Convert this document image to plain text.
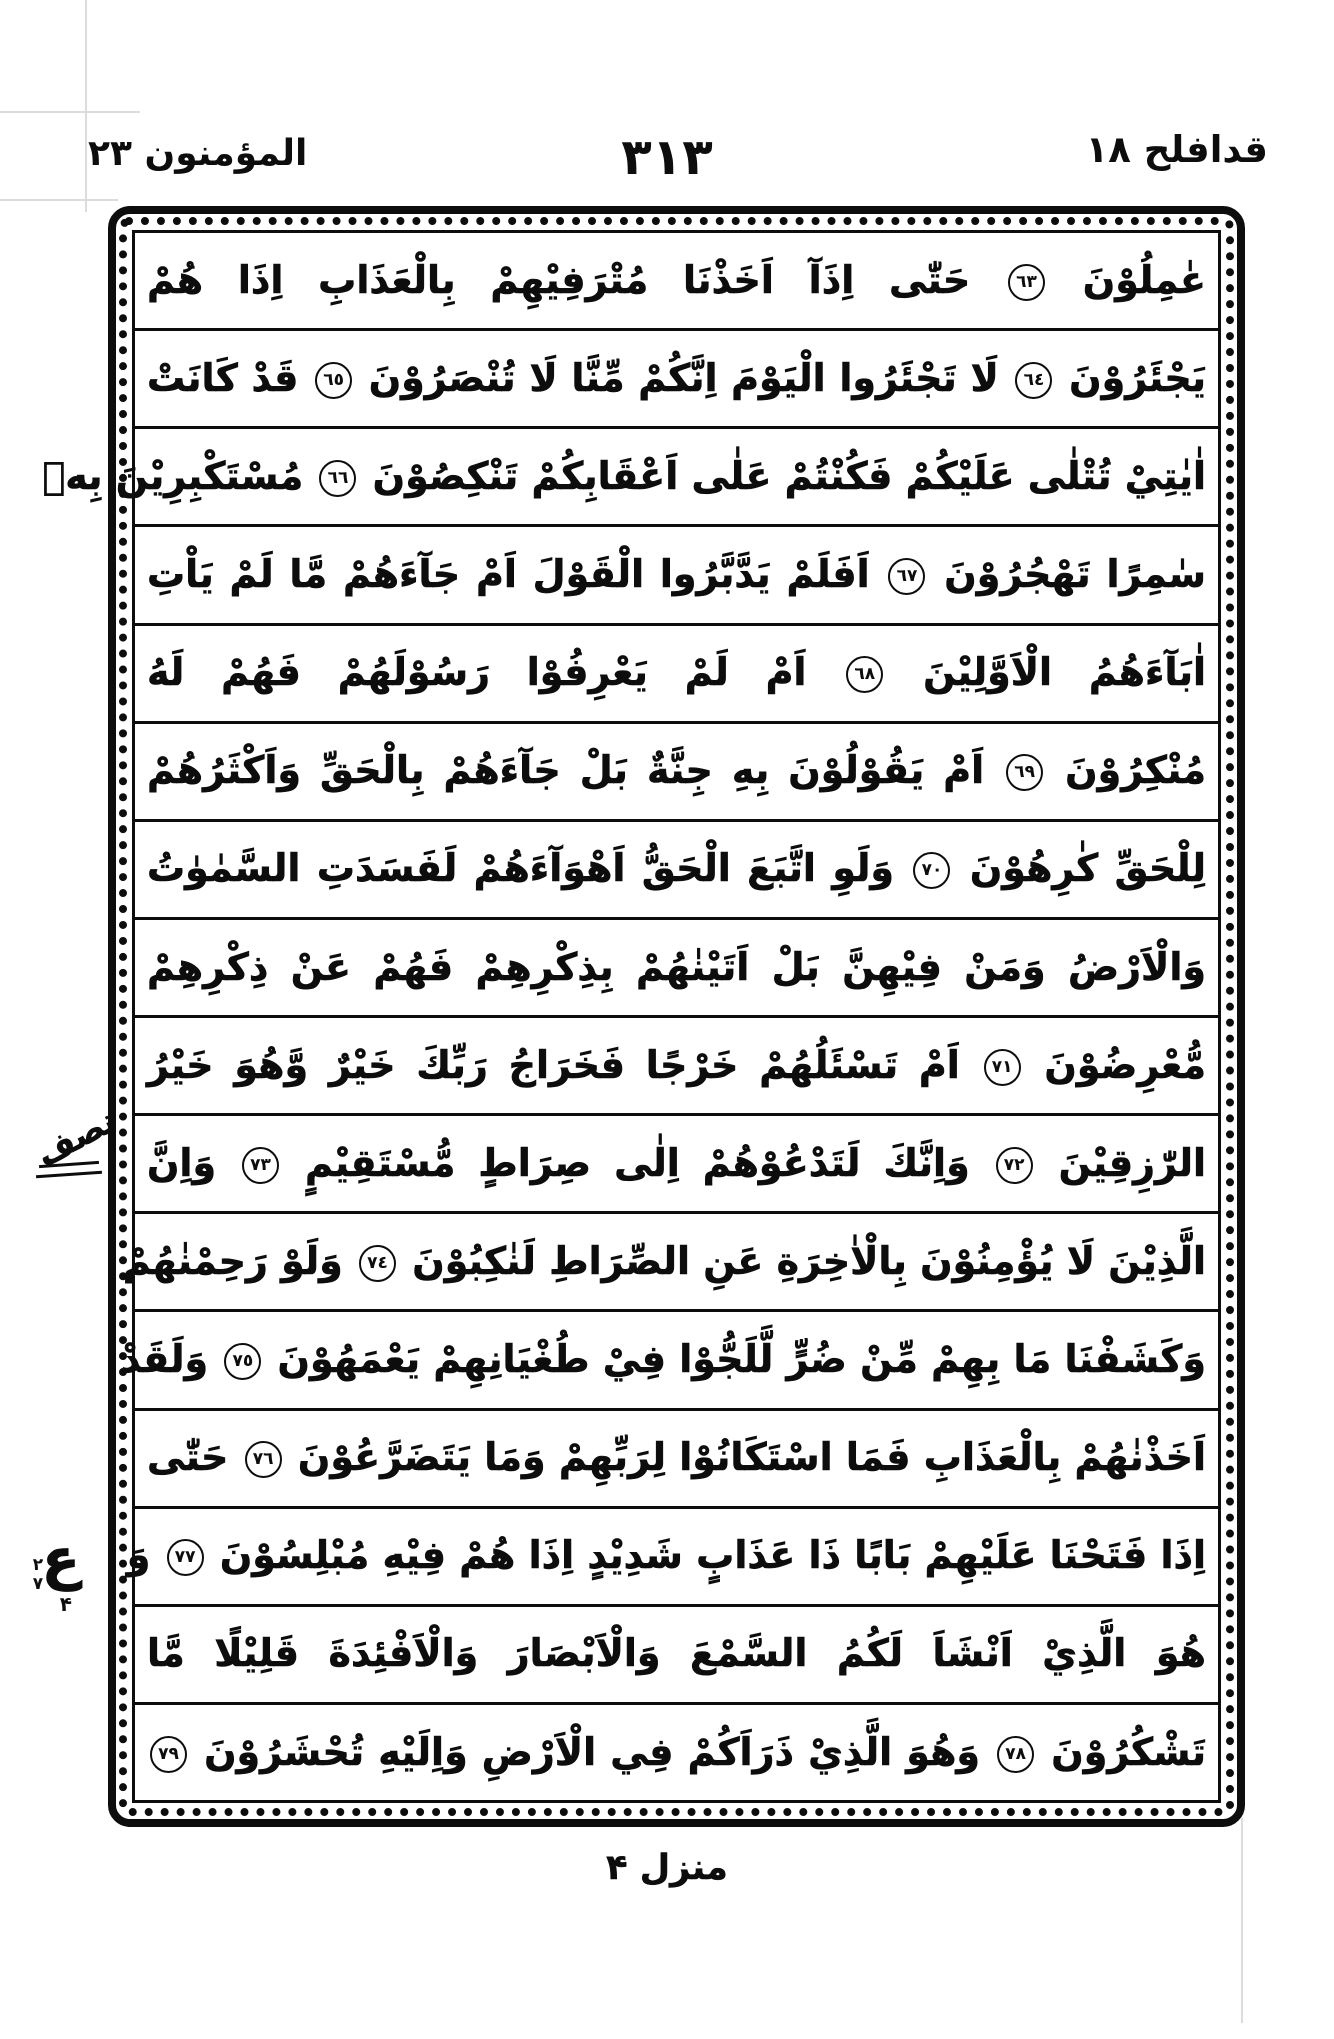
قدافلح ١٨
٣١٣
المؤمنون ٢٣
عٰمِلُوْنَ ٦٣ حَتّٰى اِذَآ اَخَذْنَا مُتْرَفِيْهِمْ بِالْعَذَابِ اِذَا هُمْ
يَجْئَرُوْنَ ٦٤ لَا تَجْئَرُوا الْيَوْمَ اِنَّكُمْ مِّنَّا لَا تُنْصَرُوْنَ ٦٥ قَدْ كَانَتْ
اٰيٰتِيْ تُتْلٰى عَلَيْكُمْ فَكُنْتُمْ عَلٰى اَعْقَابِكُمْ تَنْكِصُوْنَ ٦٦ مُسْتَكْبِرِيْنَ بِهٖ
سٰمِرًا تَهْجُرُوْنَ ٦٧ اَفَلَمْ يَدَّبَّرُوا الْقَوْلَ اَمْ جَآءَهُمْ مَّا لَمْ يَاْتِ
اٰبَآءَهُمُ الْاَوَّلِيْنَ ٦٨ اَمْ لَمْ يَعْرِفُوْا رَسُوْلَهُمْ فَهُمْ لَهُ
مُنْكِرُوْنَ ٦٩ اَمْ يَقُوْلُوْنَ بِهِ جِنَّةٌ بَلْ جَآءَهُمْ بِالْحَقِّ وَاَكْثَرُهُمْ
لِلْحَقِّ كٰرِهُوْنَ ٧٠ وَلَوِ اتَّبَعَ الْحَقُّ اَهْوَآءَهُمْ لَفَسَدَتِ السَّمٰوٰتُ
وَالْاَرْضُ وَمَنْ فِيْهِنَّ بَلْ اَتَيْنٰهُمْ بِذِكْرِهِمْ فَهُمْ عَنْ ذِكْرِهِمْ
مُّعْرِضُوْنَ ٧١ اَمْ تَسْئَلُهُمْ خَرْجًا فَخَرَاجُ رَبِّكَ خَيْرٌ وَّهُوَ خَيْرُ
الرّٰزِقِيْنَ ٧٢ وَاِنَّكَ لَتَدْعُوْهُمْ اِلٰى صِرَاطٍ مُّسْتَقِيْمٍ ٧٣ وَاِنَّ
الَّذِيْنَ لَا يُؤْمِنُوْنَ بِالْاٰخِرَةِ عَنِ الصِّرَاطِ لَنٰكِبُوْنَ ٧٤ وَلَوْ رَحِمْنٰهُمْ
وَكَشَفْنَا مَا بِهِمْ مِّنْ ضُرٍّ لَّلَجُّوْا فِيْ طُغْيَانِهِمْ يَعْمَهُوْنَ ٧٥ وَلَقَدْ
اَخَذْنٰهُمْ بِالْعَذَابِ فَمَا اسْتَكَانُوْا لِرَبِّهِمْ وَمَا يَتَضَرَّعُوْنَ ٧٦ حَتّٰى
اِذَا فَتَحْنَا عَلَيْهِمْ بَابًا ذَا عَذَابٍ شَدِيْدٍ اِذَا هُمْ فِيْهِ مُبْلِسُوْنَ ٧٧ وَ
هُوَ الَّذِيْ اَنْشَاَ لَكُمُ السَّمْعَ وَالْاَبْصَارَ وَالْاَفْئِدَةَ قَلِيْلًا مَّا
تَشْكُرُوْنَ ٧٨ وَهُوَ الَّذِيْ ذَرَاَكُمْ فِي الْاَرْضِ وَاِلَيْهِ تُحْشَرُوْنَ ٧٩
نصف
٢٧
ع
۴
منزل ۴
